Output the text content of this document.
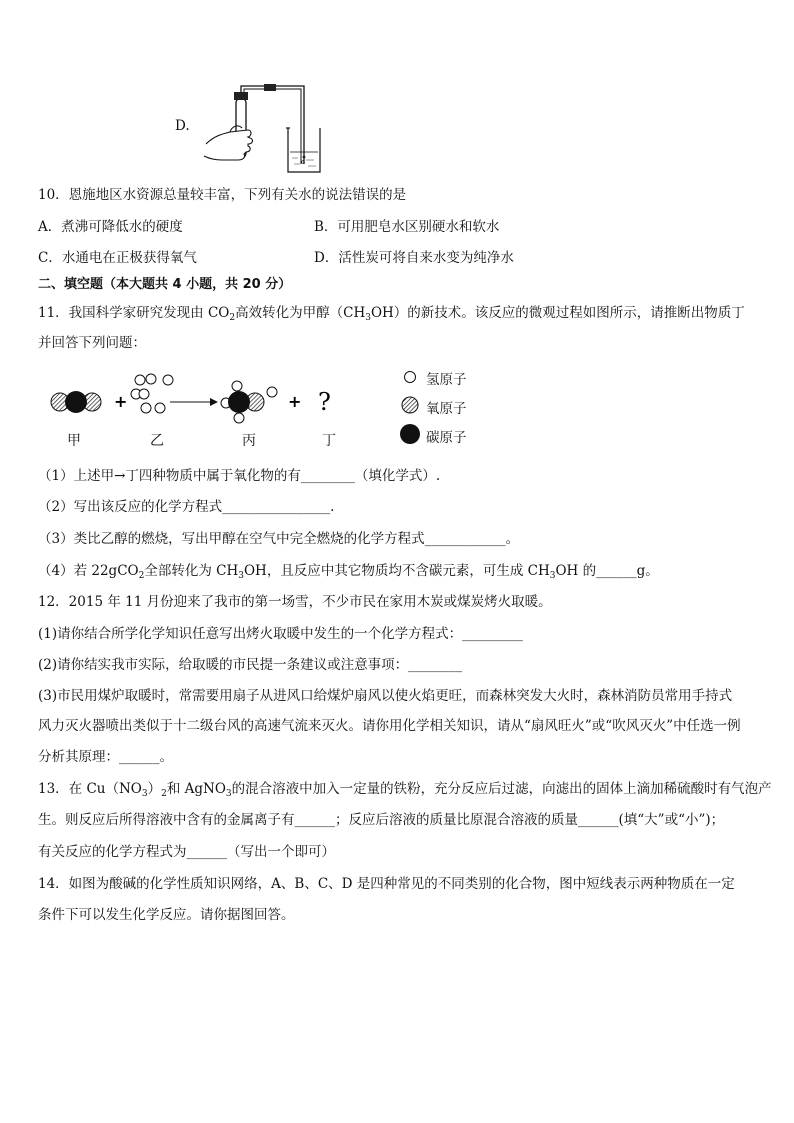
D.
10．恩施地区水资源总量较丰富，下列有关水的说法错误的是
A．煮沸可降低水的硬度	B．可用肥皂水区别硬水和软水
C．水通电在正极获得氧气	D．活性炭可将自来水变为纯净水
二、填空题（本大题共 4 小题，共 20 分）
11．我国科学家研究发现由 $CO_2$高效转化为甲醇$(CH_3OH)$的新技术。该反应的微观过程如图所示，请推断出物质丁
并回答下列问题：
+	+ ?
甲	乙	丙	丁
氢原子
氧原子
碳原子
（1）上述甲→丁四种物质中属于氧化物的有________（填化学式）.
（2）写出该反应的化学方程式________________.
（3）类比乙醇的燃烧，写出甲醇在空气中完全燃烧的化学方程式____________。
（4）若 22gCO$_2$全部转化为 $CH_3OH$，且反应中其它物质均不含碳元素，可生成 $CH_3OH$ 的______g。
12．2015 年 11 月份迎来了我市的第一场雪，不少市民在家用木炭或煤炭烤火取暖。
(1)请你结合所学化学知识任意写出烤火取暖中发生的一个化学方程式：_________
(2)请你结实我市实际，给取暖的市民提一条建议或注意事项：________
(3)市民用煤炉取暖时，常需要用扇子从进风口给煤炉扇风以使火焰更旺，而森林突发大火时，森林消防员常用手持式
风力灭火器喷出类似于十二级台风的高速气流来灭火。请你用化学相关知识，请从“扇风旺火”或“吹风灭火”中任选一例
分析其原理：______。
13．在 $Cu(NO_3)_2$和 AgNO$_3$的混合溶液中加入一定量的铁粉，充分反应后过滤，向滤出的固体上滴加稀硫酸时有气泡产
生。则反应后所得溶液中含有的金属离子有______；反应后溶液的质量比原混合溶液的质量______(填“大”或“小”)；
有关反应的化学方程式为______（写出一个即可）
14．如图为酸碱的化学性质知识网络，A、B、C、D 是四种常见的不同类别的化合物，图中短线表示两种物质在一定
条件下可以发生化学反应。请你据图回答。
